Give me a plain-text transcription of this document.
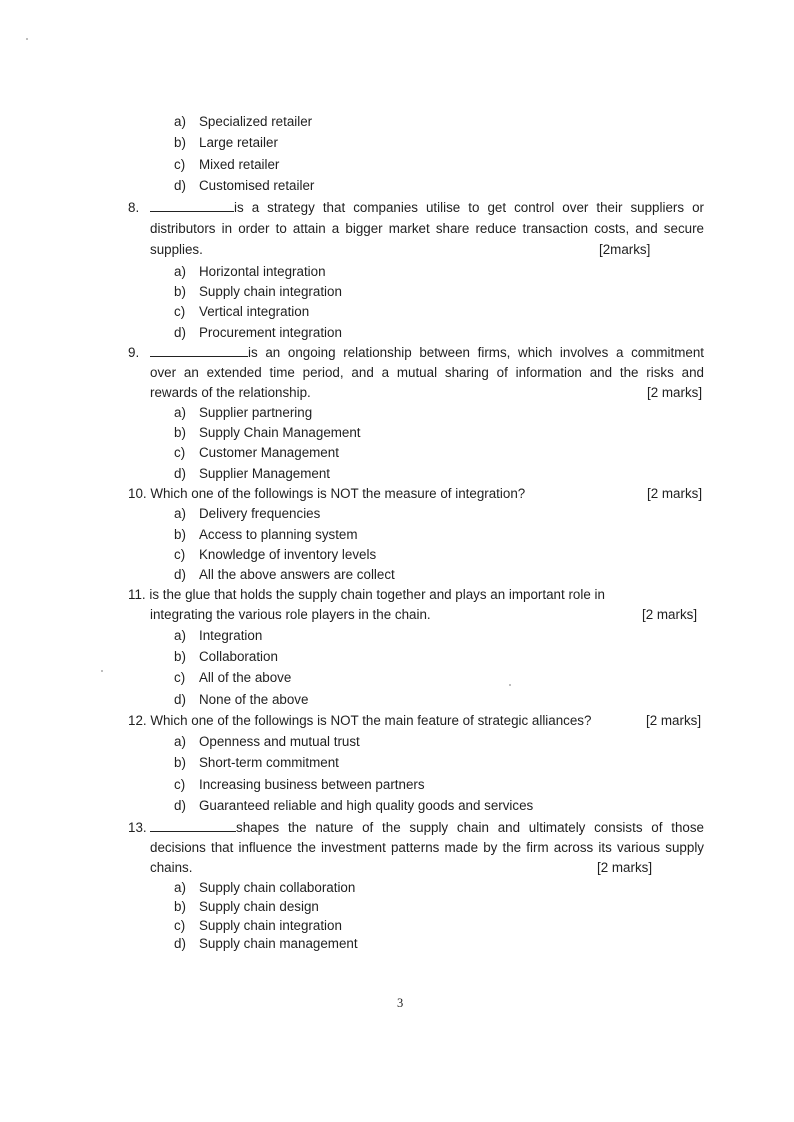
a) Specialized retailer
b) Large retailer
c) Mixed retailer
d) Customised retailer
8.	is a strategy that companies utilise to get control over their suppliers or
distributors in order to attain a bigger market share reduce transaction costs, and secure
supplies.	[2marks]
a) Horizontal integration
b) Supply chain integration
c) Vertical integration
d) Procurement integration
9.	is an ongoing relationship between firms, which involves a commitment
over an extended time period, and a mutual sharing of information and the risks and
rewards of the relationship.	[2 marks]
a) Supplier partnering
b) Supply Chain Management
c) Customer Management
d) Supplier Management
10. Which one of the followings is NOT the measure of integration?	[2 marks]
a) Delivery frequencies
b) Access to planning system
c) Knowledge of inventory levels
d) All the above answers are collect
11. is the glue that holds the supply chain together and plays an important role in
integrating the various role players in the chain.	[2 marks]
a) Integration
b) Collaboration
c) All of the above
d) None of the above
12. Which one of the followings is NOT the main feature of strategic alliances?	[2 marks]
a) Openness and mutual trust
b) Short-term commitment
c) Increasing business between partners
d) Guaranteed reliable and high quality goods and services
13.	shapes the nature of the supply chain and ultimately consists of those
decisions that influence the investment patterns made by the firm across its various supply
chains.	[2 marks]
a) Supply chain collaboration
b) Supply chain design
c) Supply chain integration
d) Supply chain management
3
